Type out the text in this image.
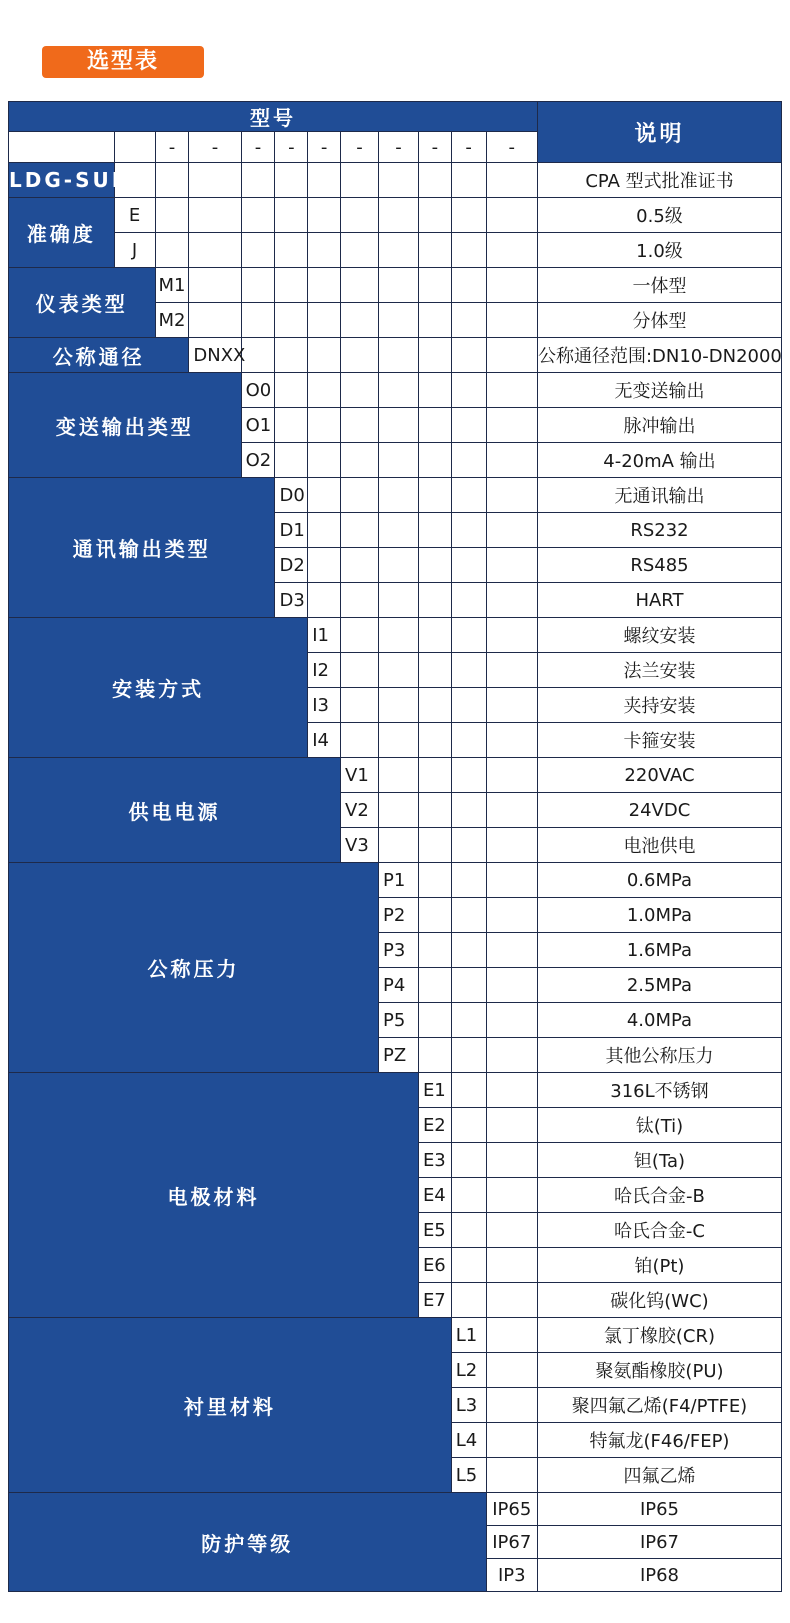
选型表
型号												说明
		-	-	-	-	-	-	-	-	-	-	
LDG-SUP												CPA 型式批准证书
准确度	E											0.5级
	J											1.0级
仪表类型		M1										一体型
		M2										分体型
公称通径			DNXX									公称通径范围:DN10-DN2000
变送输出类型				O0								无变送输出
				O1								脉冲输出
				O2								4-20mA 输出
通讯输出类型					D0							无通讯输出
					D1							RS232
					D2							RS485
					D3							HART
安装方式						I1						螺纹安装
						I2						法兰安装
						I3						夹持安装
						I4						卡箍安装
供电电源							V1					220VAC
							V2					24VDC
							V3					电池供电
公称压力								P1				0.6MPa
								P2				1.0MPa
								P3				1.6MPa
								P4				2.5MPa
								P5				4.0MPa
								PZ				其他公称压力
电极材料									E1			316L不锈钢
									E2			钛(Ti)
									E3			钽(Ta)
									E4			哈氏合金-B
									E5			哈氏合金-C
									E6			铂(Pt)
									E7			碳化钨(WC)
衬里材料										L1		氯丁橡胶(CR)
										L2		聚氨酯橡胶(PU)
										L3		聚四氟乙烯(F4/PTFE)
										L4		特氟龙(F46/FEP)
										L5		四氟乙烯
防护等级											IP65	IP65
											IP67	IP67
											IP3	IP68
